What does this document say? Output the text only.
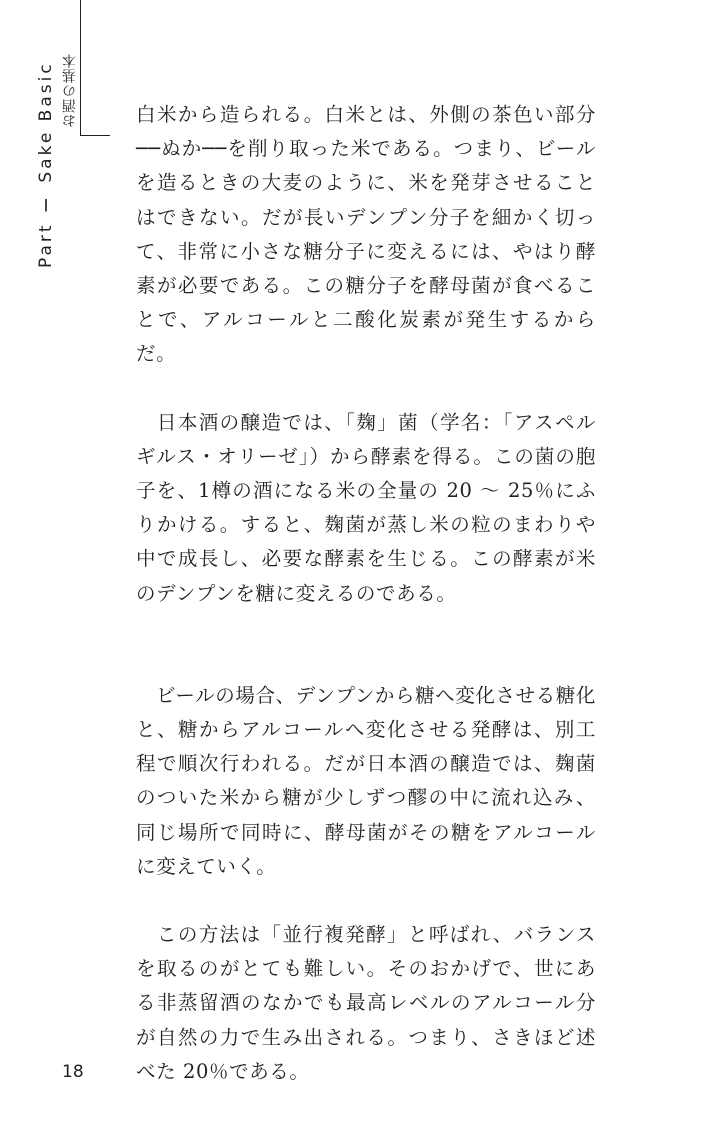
Part Ⅰ Sake Basic お酒の基本	白米から造られる。白米とは、外側の茶色い部分──ぬか──を削り取った米である。つまり、ビールを造るときの大麦のように、米を発芽させることはできない。だが長いデンプン分子を細かく切って、非常に小さな糖分子に変えるには、やはり酵素が必要である。この糖分子を酵母菌が食べることで、アルコールと二酸化炭素が発生するからだ。

　日本酒の醸造では、「麹」菌（学名：「アスペルギルス・オリーゼ」）から酵素を得る。この菌の胞子を、1樽の酒になる米の全量の 20 ～ 25％にふりかける。すると、麹菌が蒸し米の粒のまわりや中で成長し、必要な酵素を生じる。この酵素が米のデンプンを糖に変えるのである。

　ビールの場合、デンプンから糖へ変化させる糖化と、糖からアルコールへ変化させる発酵は、別工程で順次行われる。だが日本酒の醸造では、麹菌のついた米から糖が少しずつ醪の中に流れ込み、同じ場所で同時に、酵母菌がその糖をアルコールに変えていく。

　この方法は「並行複発酵」と呼ばれ、バランスを取るのがとても難しい。そのおかげで、世にある非蒸留酒のなかでも最高レベルのアルコール分が自然の力で生み出される。つまり、さきほど述べた 20％である。

18
